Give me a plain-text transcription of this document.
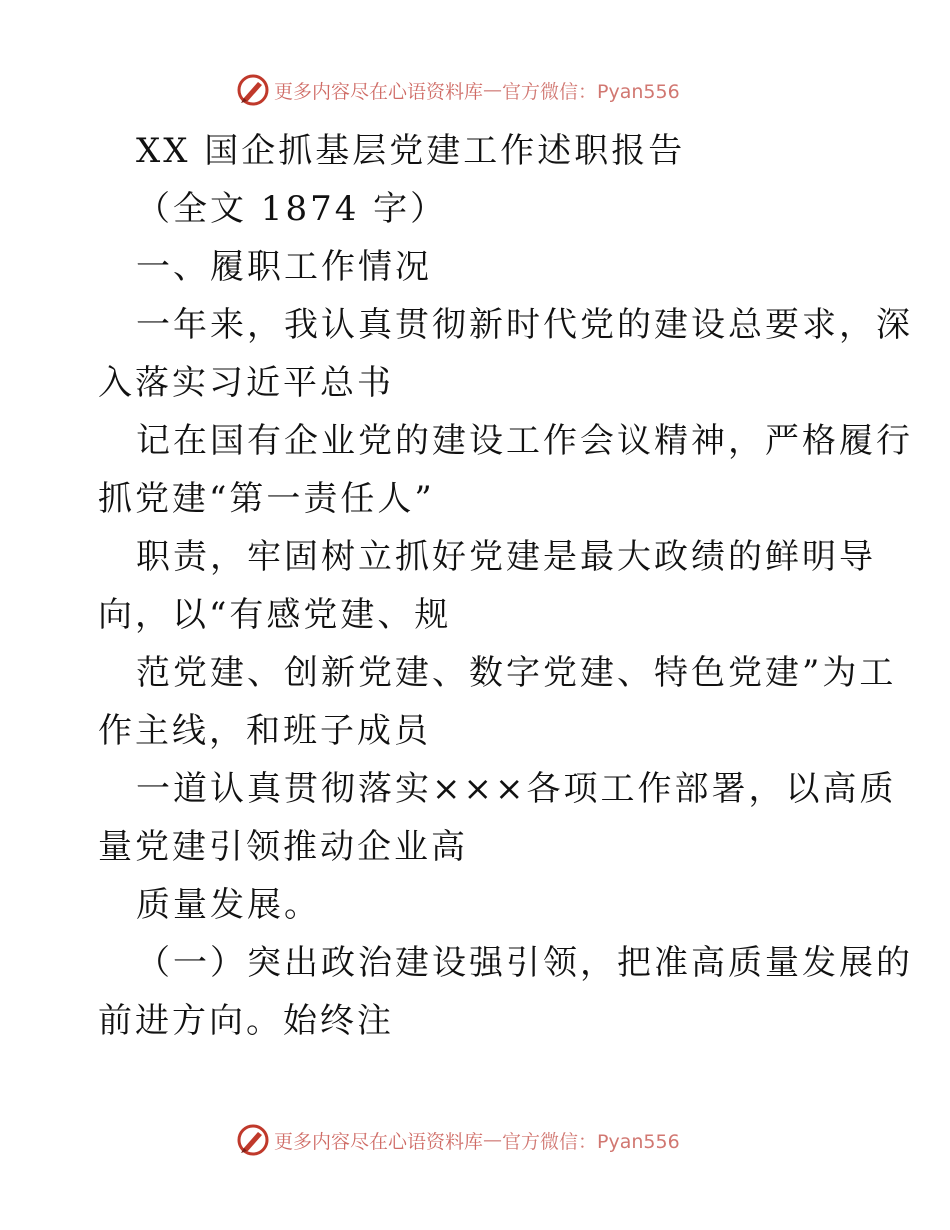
更多内容尽在心语资料库 — 官方微信：Pyan556
XX 国企抓基层党建工作述职报告
（全文 1874 字）
一、履职工作情况
一年来，我认真贯彻新时代党的建设总要求，深
入落实习近平总书
记在国有企业党的建设工作会议精神，严格履行
抓党建“第一责任人”
职责，牢固树立抓好党建是最大政绩的鲜明导
向，以“有感党建、规
范党建、创新党建、数字党建、特色党建”为工
作主线，和班子成员
一道认真贯彻落实×××各项工作部署，以高质
量党建引领推动企业高
质量发展。
（一）突出政治建设强引领，把准高质量发展的
前进方向。始终注
更多内容尽在心语资料库 — 官方微信：Pyan556
